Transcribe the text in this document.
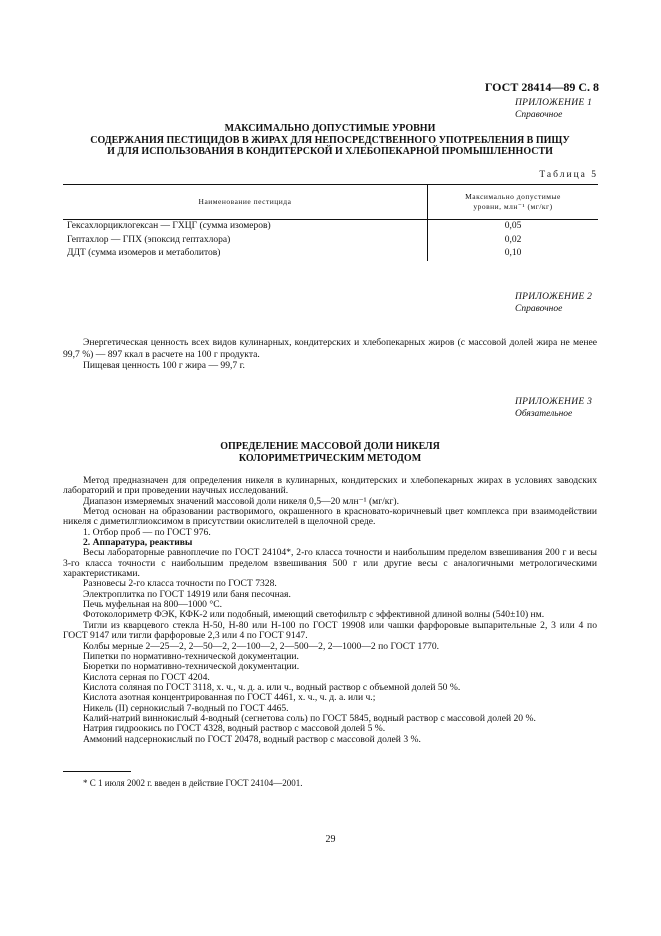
ГОСТ 28414—89 С. 8
ПРИЛОЖЕНИЕ 1
Справочное
МАКСИМАЛЬНО ДОПУСТИМЫЕ УРОВНИ
СОДЕРЖАНИЯ ПЕСТИЦИДОВ В ЖИРАХ ДЛЯ НЕПОСРЕДСТВЕННОГО УПОТРЕБЛЕНИЯ В ПИЩУ
И ДЛЯ ИСПОЛЬЗОВАНИЯ В КОНДИТЕРСКОЙ И ХЛЕБОПЕКАРНОЙ ПРОМЫШЛЕННОСТИ
Таблица 5
Наименование пестицида	Максимально допустимые
уровни, млн⁻¹ (мг/кг)

Гексахлорциклогексан — ГХЦГ (сумма изомеров)	0,05
Гептахлор — ГПХ (эпоксид гептахлора)	0,02
ДДТ (сумма изомеров и метаболитов)	0,10
ПРИЛОЖЕНИЕ 2
Справочное

Энергетическая ценность всех видов кулинарных, кондитерских и хлебопекарных жиров (с массовой долей жира не менее 99,7 %) — 897 ккал в расчете на 100 г продукта.

Пищевая ценность 100 г жира — 99,7 г.

ПРИЛОЖЕНИЕ 3
Обязательное
ОПРЕДЕЛЕНИЕ МАССОВОЙ ДОЛИ НИКЕЛЯ
КОЛОРИМЕТРИЧЕСКИМ МЕТОДОМ

Метод предназначен для определения никеля в кулинарных, кондитерских и хлебопекарных жирах в условиях заводских лабораторий и при проведении научных исследований.

Диапазон измеряемых значений массовой доли никеля 0,5—20 млн⁻¹ (мг/кг).

Метод основан на образовании растворимого, окрашенного в красновато-коричневый цвет комплекса при взаимодействии никеля с диметилглиоксимом в присутствии окислителей в щелочной среде.

1. Отбор проб — по ГОСТ 976.

2. Аппаратура, реактивы

Весы лабораторные равноплечие по ГОСТ 24104*, 2-го класса точности и наибольшим пределом взвешивания 200 г и весы 3-го класса точности с наибольшим пределом взвешивания 500 г или другие весы с аналогичными метрологическими характеристиками.

Разновесы 2-го класса точности по ГОСТ 7328.

Электроплитка по ГОСТ 14919 или баня песочная.

Печь муфельная на 800—1000 °С.

Фотоколориметр ФЭК, КФК-2 или подобный, имеющий светофильтр с эффективной длиной волны (540±10) нм.

Тигли из кварцевого стекла Н-50, Н-80 или Н-100 по ГОСТ 19908 или чашки фарфоровые выпарительные 2, 3 или 4 по ГОСТ 9147 или тигли фарфоровые 2,3 или 4 по ГОСТ 9147.

Колбы мерные 2—25—2, 2—50—2, 2—100—2, 2—500—2, 2—1000—2 по ГОСТ 1770.

Пипетки по нормативно-технической документации.

Бюретки по нормативно-технической документации.

Кислота серная по ГОСТ 4204.

Кислота соляная по ГОСТ 3118, х. ч., ч. д. а. или ч., водный раствор с объемной долей 50 %.

Кислота азотная концентрированная по ГОСТ 4461, х. ч., ч. д. а. или ч.;

Никель (II) сернокислый 7-водный по ГОСТ 4465.

Калий-натрий виннокислый 4-водный (сегнетова соль) по ГОСТ 5845, водный раствор с массовой долей 20 %.

Натрия гидроокись по ГОСТ 4328, водный раствор с массовой долей 5 %.

Аммоний надсернокислый по ГОСТ 20478, водный раствор с массовой долей 3 %.

* С 1 июля 2002 г. введен в действие ГОСТ 24104—2001.
29
